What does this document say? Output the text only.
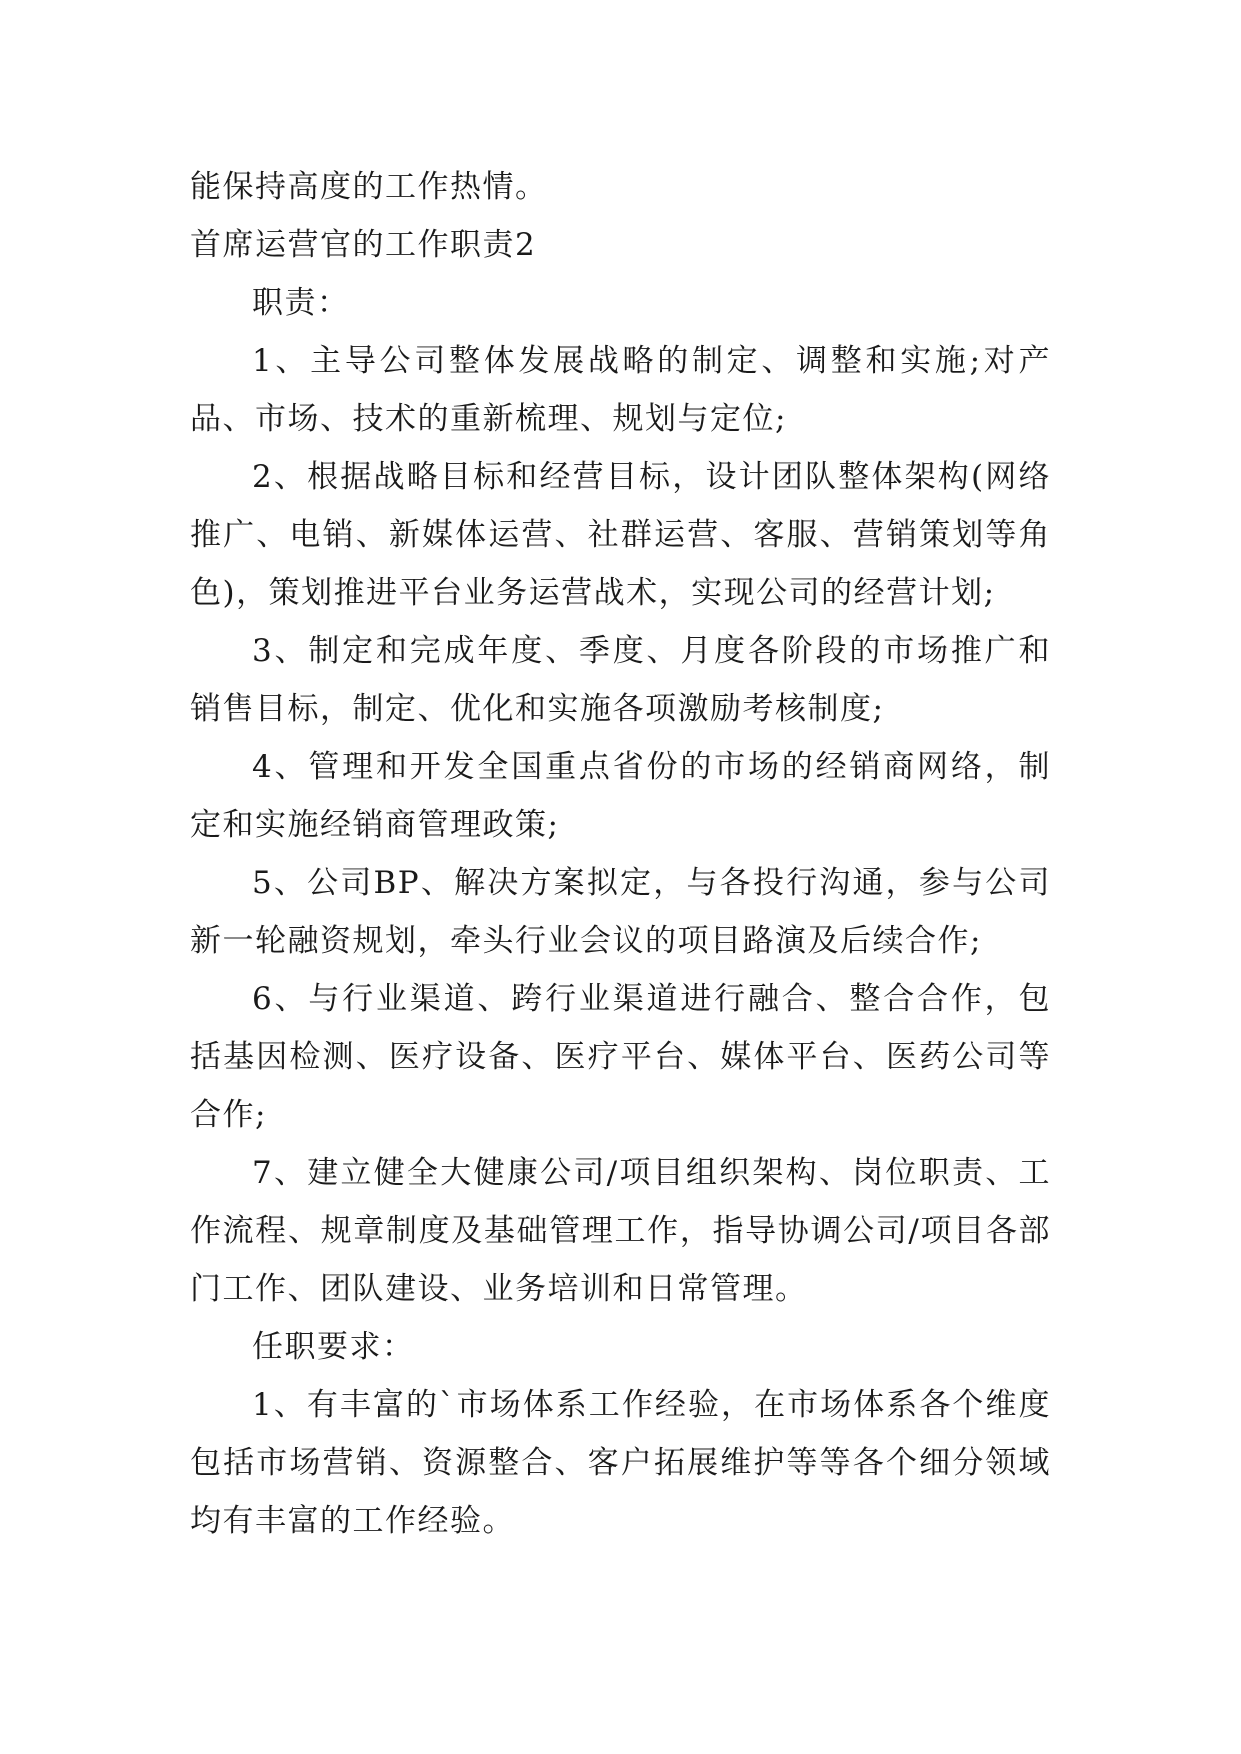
能保持高度的工作热情。

首席运营官的工作职责2

职责：

1、主导公司整体发展战略的制定、调整和实施;对产品、市场、技术的重新梳理、规划与定位;

2、根据战略目标和经营目标，设计团队整体架构(网络推广、电销、新媒体运营、社群运营、客服、营销策划等角色)，策划推进平台业务运营战术，实现公司的经营计划;

3、制定和完成年度、季度、月度各阶段的市场推广和销售目标，制定、优化和实施各项激励考核制度;

4、管理和开发全国重点省份的市场的经销商网络，制定和实施经销商管理政策;

5、公司BP、解决方案拟定，与各投行沟通，参与公司新一轮融资规划，牵头行业会议的项目路演及后续合作;

6、与行业渠道、跨行业渠道进行融合、整合合作，包括基因检测、医疗设备、医疗平台、媒体平台、医药公司等合作;

7、建立健全大健康公司/项目组织架构、岗位职责、工作流程、规章制度及基础管理工作，指导协调公司/项目各部门工作、团队建设、业务培训和日常管理。

任职要求：

1、有丰富的`市场体系工作经验，在市场体系各个维度包括市场营销、资源整合、客户拓展维护等等各个细分领域均有丰富的工作经验。
